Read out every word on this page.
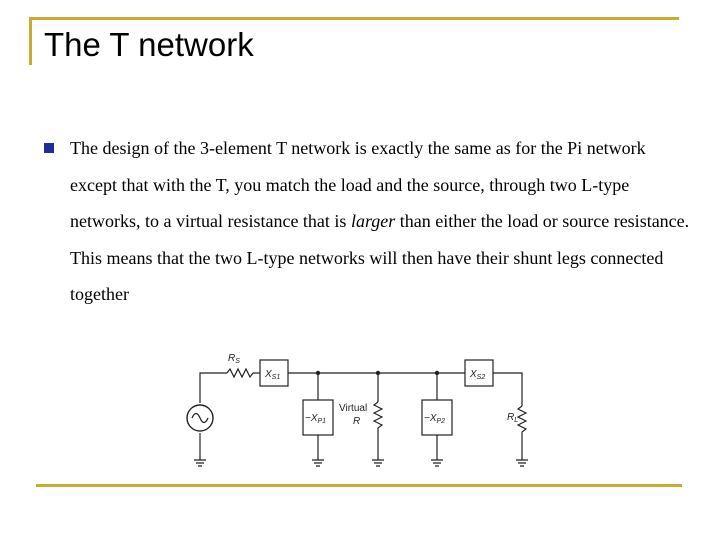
The T network

The design of the 3-element T network is exactly the same as for the Pi network except that with the T, you match the load and the source, through two L-type networks, to a virtual resistance that is larger than either the load or source resistance. This means that the two L-type networks will then have their shunt legs connected together

$R_S$
$X_{S1}$
$-X_{P1}$
Virtual
R	$-X_{P2}$
$X_{S2}$
$R_L$
